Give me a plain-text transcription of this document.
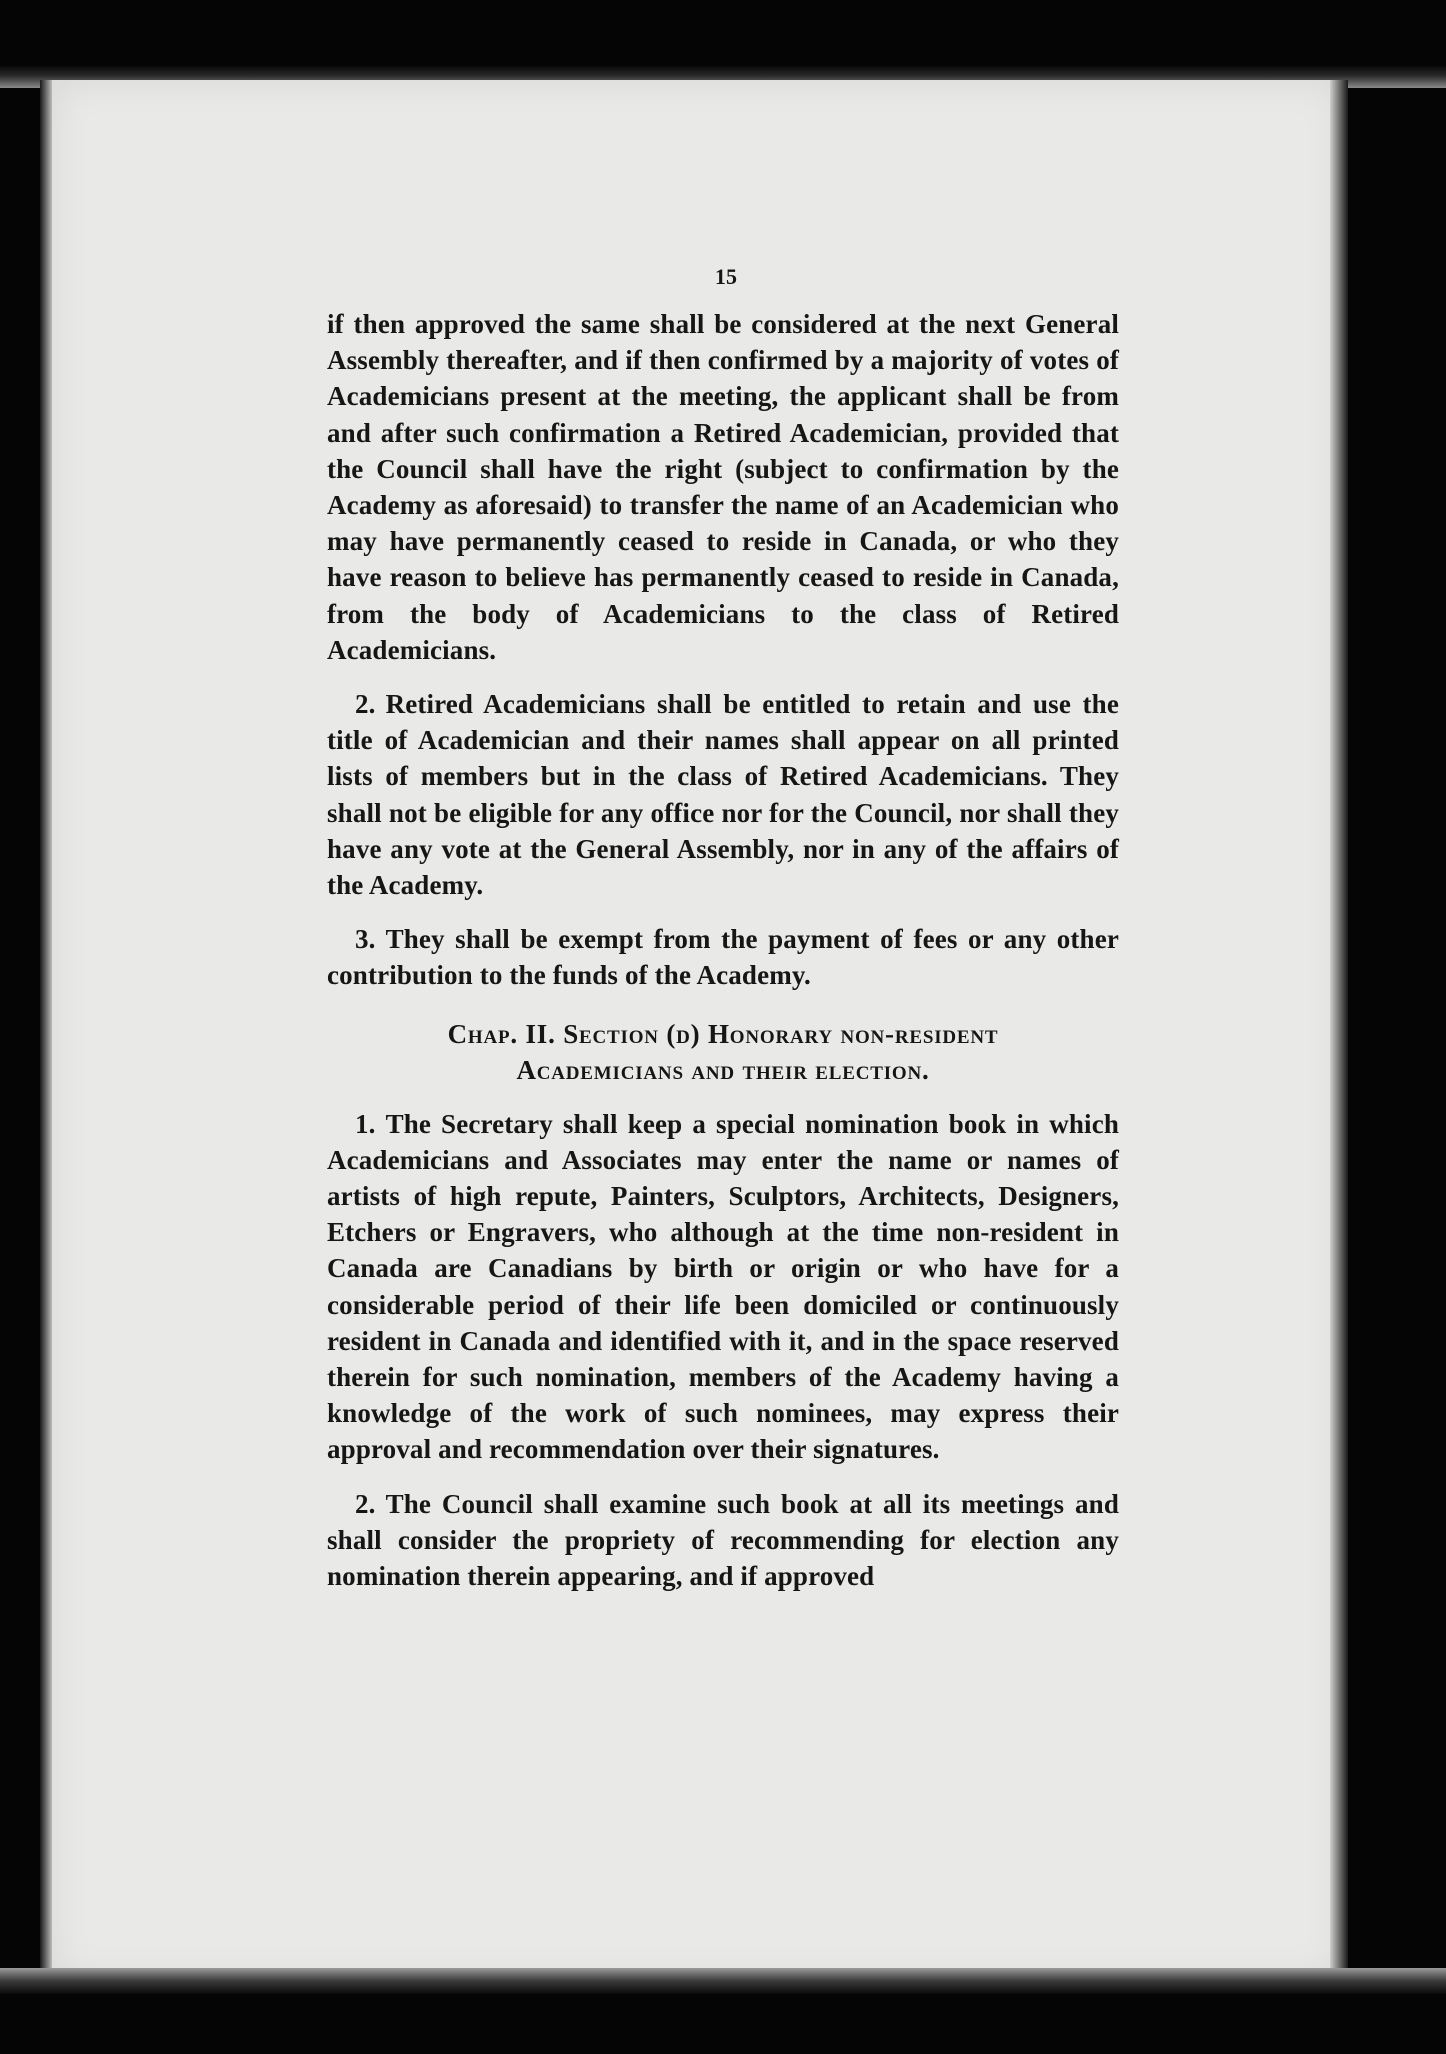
15

if then approved the same shall be considered at the next General Assembly thereafter, and if then confirmed by a majority of votes of Academicians present at the meeting, the applicant shall be from and after such confirmation a Retired Academician, provided that the Council shall have the right (subject to confirmation by the Academy as aforesaid) to transfer the name of an Academician who may have permanently ceased to reside in Canada, or who they have reason to believe has permanently ceased to reside in Canada, from the body of Academicians to the class of Retired Academicians.

2. Retired Academicians shall be entitled to retain and use the title of Academician and their names shall appear on all printed lists of members but in the class of Retired Academicians. They shall not be eligible for any office nor for the Council, nor shall they have any vote at the General Assembly, nor in any of the affairs of the Academy.

3. They shall be exempt from the payment of fees or any other contribution to the funds of the Academy.

Chap. II. Section (d) Honorary non-resident
Academicians and their election.

1. The Secretary shall keep a special nomination book in which Academicians and Associates may enter the name or names of artists of high repute, Painters, Sculptors, Architects, Designers, Etchers or Engravers, who although at the time non-resident in Canada are Canadians by birth or origin or who have for a considerable period of their life been domiciled or continuously resident in Canada and identified with it, and in the space reserved therein for such nomination, members of the Academy having a knowledge of the work of such nominees, may express their approval and recommendation over their signatures.

2. The Council shall examine such book at all its meetings and shall consider the propriety of recommending for election any nomination therein appearing, and if approved
